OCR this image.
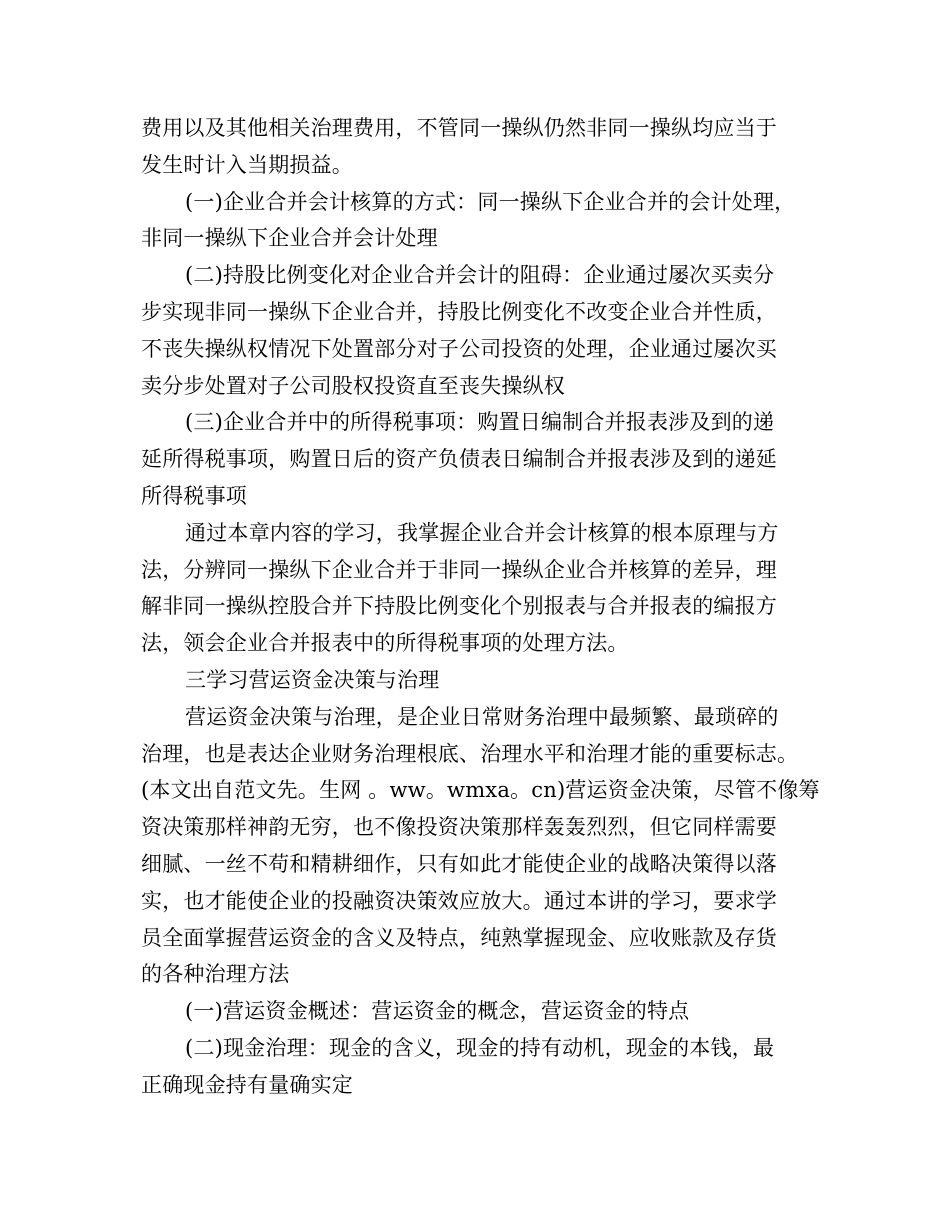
费用以及其他相关治理费用，不管同一操纵仍然非同一操纵均应当于
发生时计入当期损益。

(一)企业合并会计核算的方式：同一操纵下企业合并的会计处理，
非同一操纵下企业合并会计处理

(二)持股比例变化对企业合并会计的阻碍：企业通过屡次买卖分
步实现非同一操纵下企业合并，持股比例变化不改变企业合并性质，
不丧失操纵权情况下处置部分对子公司投资的处理，企业通过屡次买
卖分步处置对子公司股权投资直至丧失操纵权

(三)企业合并中的所得税事项：购置日编制合并报表涉及到的递
延所得税事项，购置日后的资产负债表日编制合并报表涉及到的递延
所得税事项

通过本章内容的学习，我掌握企业合并会计核算的根本原理与方
法，分辨同一操纵下企业合并于非同一操纵企业合并核算的差异，理
解非同一操纵控股合并下持股比例变化个别报表与合并报表的编报方
法，领会企业合并报表中的所得税事项的处理方法。

三学习营运资金决策与治理

营运资金决策与治理，是企业日常财务治理中最频繁、最琐碎的
治理，也是表达企业财务治理根底、治理水平和治理才能的重要标志。
(本文出自范文先。生网 。ww。wmxa。cn)营运资金决策，尽管不像筹
资决策那样神韵无穷，也不像投资决策那样轰轰烈烈，但它同样需要
细腻、一丝不苟和精耕细作，只有如此才能使企业的战略决策得以落
实，也才能使企业的投融资决策效应放大。通过本讲的学习，要求学
员全面掌握营运资金的含义及特点，纯熟掌握现金、应收账款及存货
的各种治理方法

(一)营运资金概述：营运资金的概念，营运资金的特点

(二)现金治理：现金的含义，现金的持有动机，现金的本钱，最
正确现金持有量确实定
